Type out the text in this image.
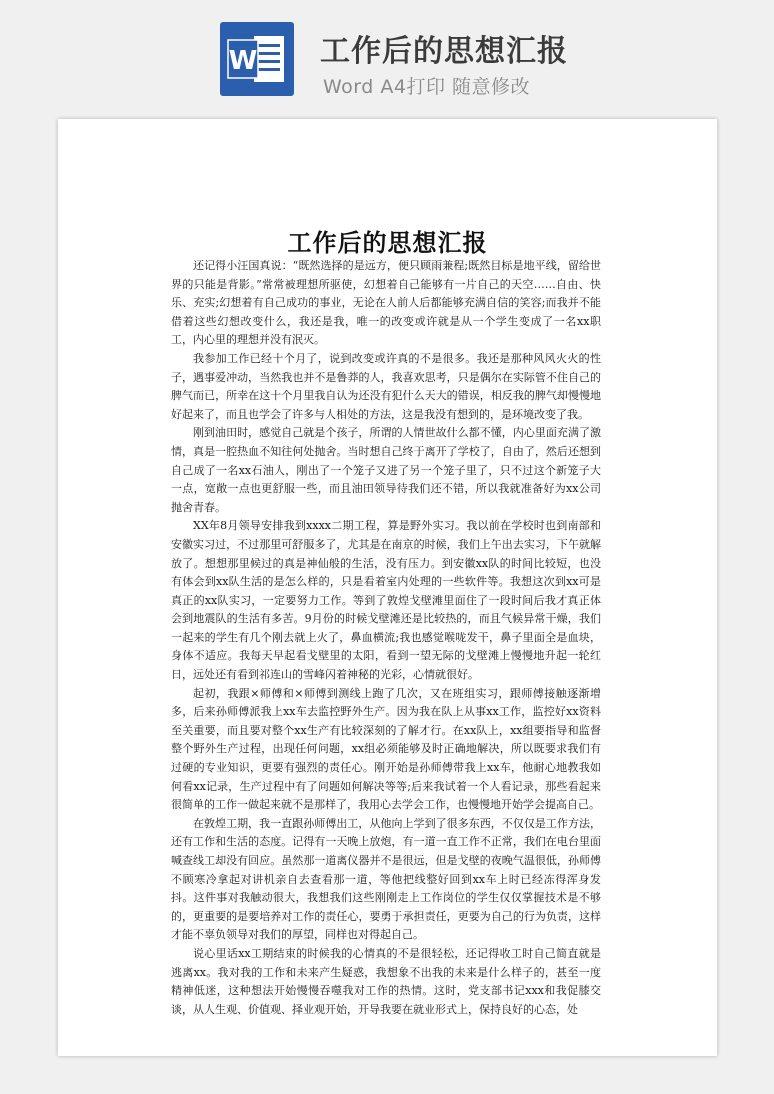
W 工作后的思想汇报
Word A4打印 随意修改
工作后的思想汇报

还记得小汪国真说：“既然选择的是远方，便只顾雨兼程;既然目标是地平线，留给世界的只能是背影。”常常被理想所驱使，幻想着自己能够有一片自己的天空……自由、快乐、充实;幻想着有自己成功的事业，无论在人前人后都能够充满自信的笑容;而我并不能借着这些幻想改变什么，我还是我，唯一的改变或许就是从一个学生变成了一名xx职工，内心里的理想并没有泯灭。

我参加工作已经十个月了，说到改变或许真的不是很多。我还是那种风风火火的性子，遇事爱冲动，当然我也并不是鲁莽的人，我喜欢思考，只是偶尔在实际管不住自己的脾气而已，所幸在这十个月里我自认为还没有犯什么天大的错误，相反我的脾气却慢慢地好起来了，而且也学会了许多与人相处的方法，这是我没有想到的，是环境改变了我。

刚到油田时，感觉自己就是个孩子，所谓的人情世故什么都不懂，内心里面充满了激情，真是一腔热血不知往何处抛舍。当时想自己终于离开了学校了，自由了，然后还想到自己成了一名xx石油人，刚出了一个笼子又进了另一个笼子里了，只不过这个新笼子大一点，宽敞一点也更舒服一些，而且油田领导待我们还不错，所以我就准备好为xx公司抛舍青春。

XX年8月领导安排我到xxxx二期工程，算是野外实习。我以前在学校时也到南部和安徽实习过，不过那里可舒服多了，尤其是在南京的时候，我们上午出去实习，下午就解放了。想想那里候过的真是神仙般的生活，没有压力。到安徽xx队的时间比较短，也没有体会到xx队生活的是怎么样的，只是看着室内处理的一些软件等。我想这次到xx可是真正的xx队实习，一定要努力工作。等到了敦煌戈壁滩里面住了一段时间后我才真正体会到地震队的生活有多苦。9月份的时候戈壁滩还是比较热的，而且气候异常干燥，我们一起来的学生有几个刚去就上火了，鼻血横流;我也感觉喉咙发干，鼻子里面全是血块，身体不适应。我每天早起看戈壁里的太阳，看到一望无际的戈壁滩上慢慢地升起一轮红日，远处还有看到祁连山的雪峰闪着神秘的光彩，心情就很好。

起初，我跟×师傅和×师傅到测线上跑了几次，又在班组实习，跟师傅接触逐渐增多，后来孙师傅派我上xx车去监控野外生产。因为我在队上从事xx工作，监控好xx资料至关重要，而且要对整个xx生产有比较深刻的了解才行。在xx队上，xx组要指导和监督整个野外生产过程，出现任何问题，xx组必须能够及时正确地解决，所以既要求我们有过硬的专业知识，更要有强烈的责任心。刚开始是孙师傅带我上xx车，他耐心地教我如何看xx记录，生产过程中有了问题如何解决等等;后来我试着一个人看记录，那些看起来很简单的工作一做起来就不是那样了，我用心去学会工作，也慢慢地开始学会提高自己。

在敦煌工期，我一直跟孙师傅出工，从他向上学到了很多东西，不仅仅是工作方法，还有工作和生活的态度。记得有一天晚上放炮，有一道一直工作不正常，我们在电台里面喊查线工却没有回应。虽然那一道离仪器并不是很远，但是戈壁的夜晚气温很低，孙师傅不顾寒冷拿起对讲机亲自去查看那一道，等他把线整好回到xx车上时已经冻得浑身发抖。这件事对我触动很大，我想我们这些刚刚走上工作岗位的学生仅仅掌握技术是不够的，更重要的是要培养对工作的责任心，要勇于承担责任，更要为自己的行为负责，这样才能不辜负领导对我们的厚望，同样也对得起自己。

说心里话xx工期结束的时候我的心情真的不是很轻松，还记得收工时自己简直就是逃离xx。我对我的工作和未来产生疑惑，我想象不出我的未来是什么样子的，甚至一度精神低迷，这种想法开始慢慢吞噬我对工作的热情。这时，党支部书记xxx和我促膝交谈，从人生观、价值观、择业观开始，开导我要在就业形式上，保持良好的心态，处
